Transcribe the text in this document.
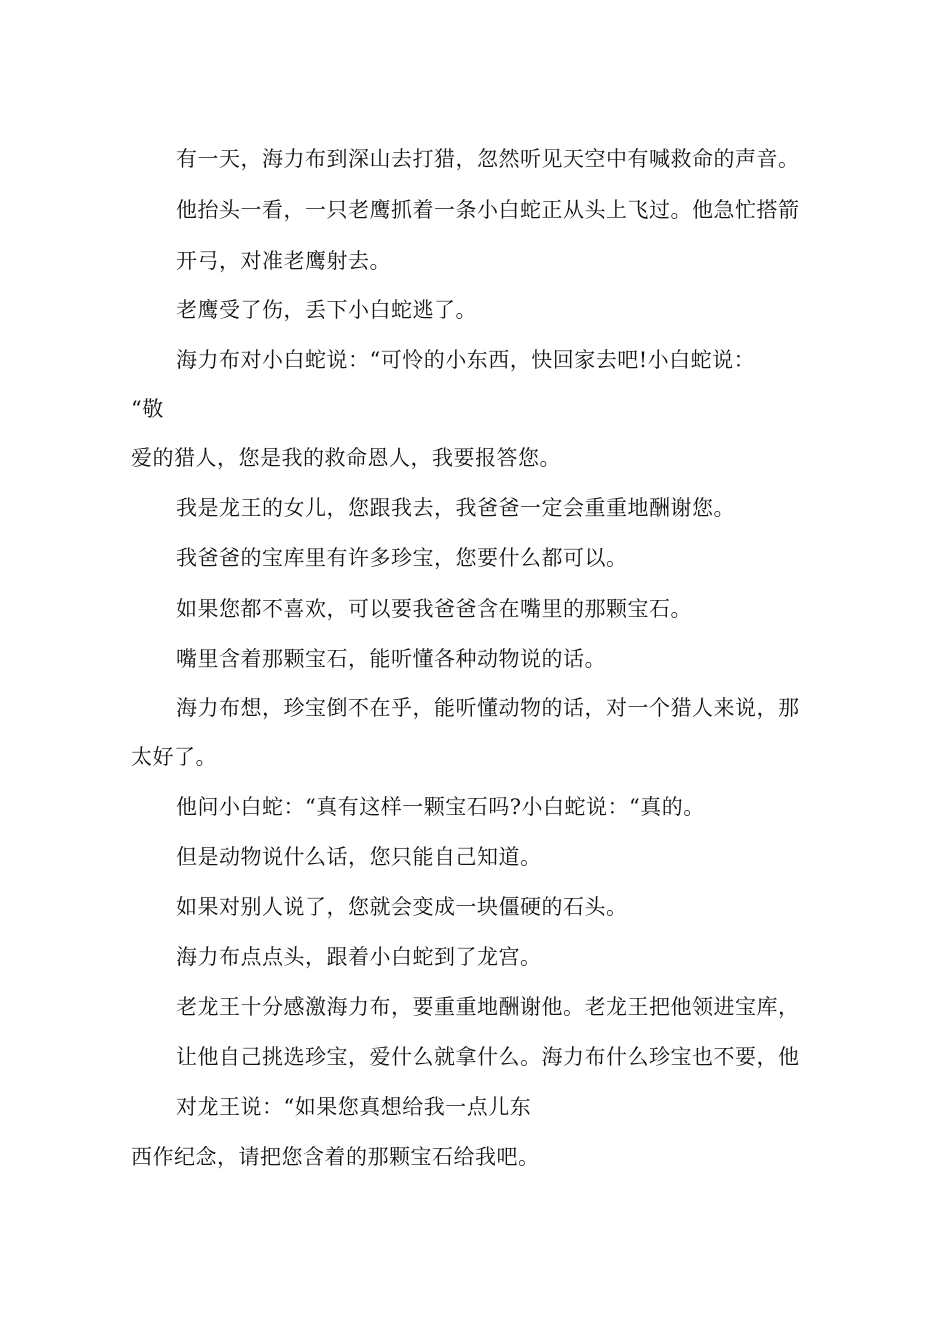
有一天，海力布到深山去打猎，忽然听见天空中有喊救命的声音。
他抬头一看，一只老鹰抓着一条小白蛇正从头上飞过。他急忙搭箭
开弓，对准老鹰射去。
老鹰受了伤，丢下小白蛇逃了。
海力布对小白蛇说：“可怜的小东西，快回家去吧!小白蛇说：
“敬
爱的猎人，您是我的救命恩人，我要报答您。
我是龙王的女儿，您跟我去，我爸爸一定会重重地酬谢您。
我爸爸的宝库里有许多珍宝，您要什么都可以。
如果您都不喜欢，可以要我爸爸含在嘴里的那颗宝石。
嘴里含着那颗宝石，能听懂各种动物说的话。
海力布想，珍宝倒不在乎，能听懂动物的话，对一个猎人来说，那
太好了。
他问小白蛇：“真有这样一颗宝石吗?小白蛇说：“真的。
但是动物说什么话，您只能自己知道。
如果对别人说了，您就会变成一块僵硬的石头。
海力布点点头，跟着小白蛇到了龙宫。
老龙王十分感激海力布，要重重地酬谢他。老龙王把他领进宝库，
让他自己挑选珍宝，爱什么就拿什么。海力布什么珍宝也不要，他
对龙王说：“如果您真想给我一点儿东
西作纪念，请把您含着的那颗宝石给我吧。
